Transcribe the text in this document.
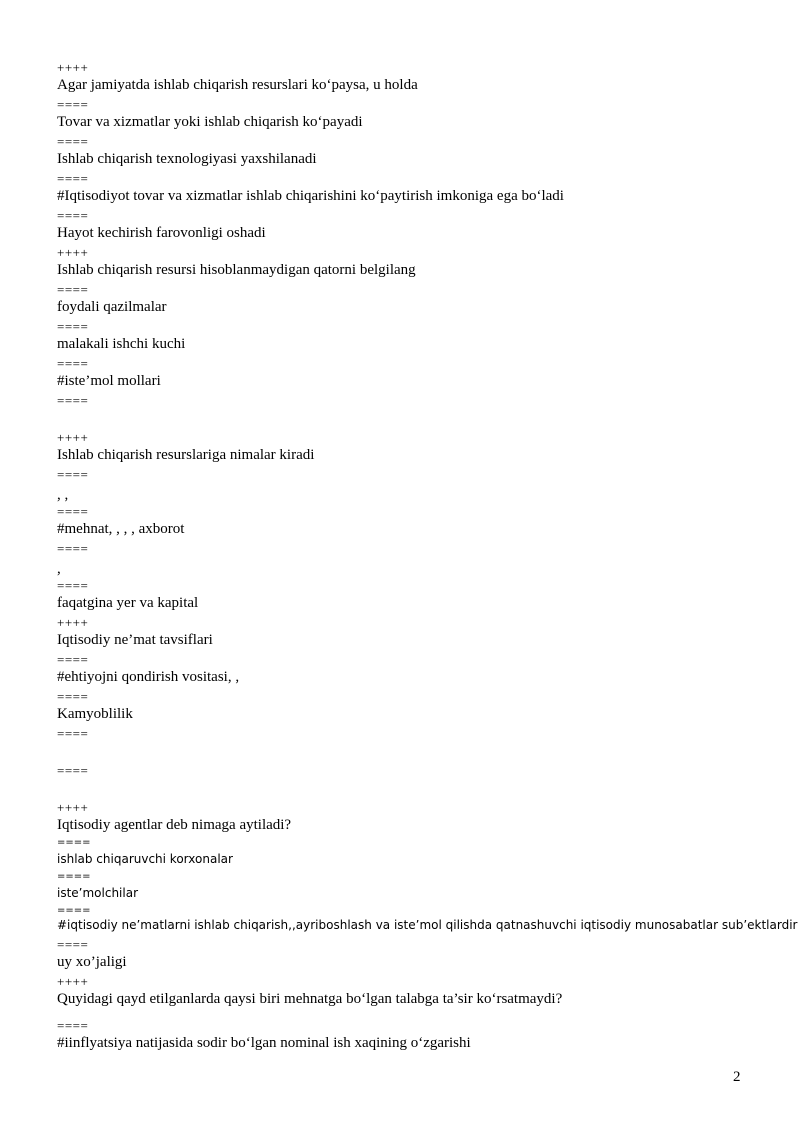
++++
Agar jamiyatda ishlab chiqarish resurslari ko‘paysa, u holda
====
Tovar va xizmatlar yoki ishlab chiqarish ko‘payadi
====
Ishlab chiqarish texnologiyasi yaxshilanadi
====
#Iqtisodiyot tovar va xizmatlar ishlab chiqarishini ko‘paytirish imkoniga ega bo‘ladi
====
Hayot kechirish farovonligi oshadi
++++
Ishlab chiqarish resursi hisoblanmaydigan qatorni belgilang
====
foydali qazilmalar
====
malakali ishchi kuchi
====
#iste’mol mollari
====
++++
Ishlab chiqarish resurslariga nimalar kiradi
====
, ,
====
#mehnat, , , , axborot
====
,
====
faqatgina yer va kapital
++++
Iqtisodiy ne’mat tavsiflari
====
#ehtiyojni qondirish vositasi, ,
====
Kamyoblilik
====
====
++++
Iqtisodiy agentlar deb nimaga aytiladi?
====
ishlab chiqaruvchi korxonalar
====
iste’molchilar
====
#iqtisodiy ne’matlarni ishlab chiqarish,,ayriboshlash va iste’mol qilishda qatnashuvchi iqtisodiy munosabatlar sub’ektlardir
====
uy xo’jaligi
++++
Quyidagi qayd etilganlarda qaysi biri mehnatga bo‘lgan talabga ta’sir ko‘rsatmaydi?
====
#iinflyatsiya natijasida sodir bo‘lgan nominal ish xaqining o‘zgarishi
2
